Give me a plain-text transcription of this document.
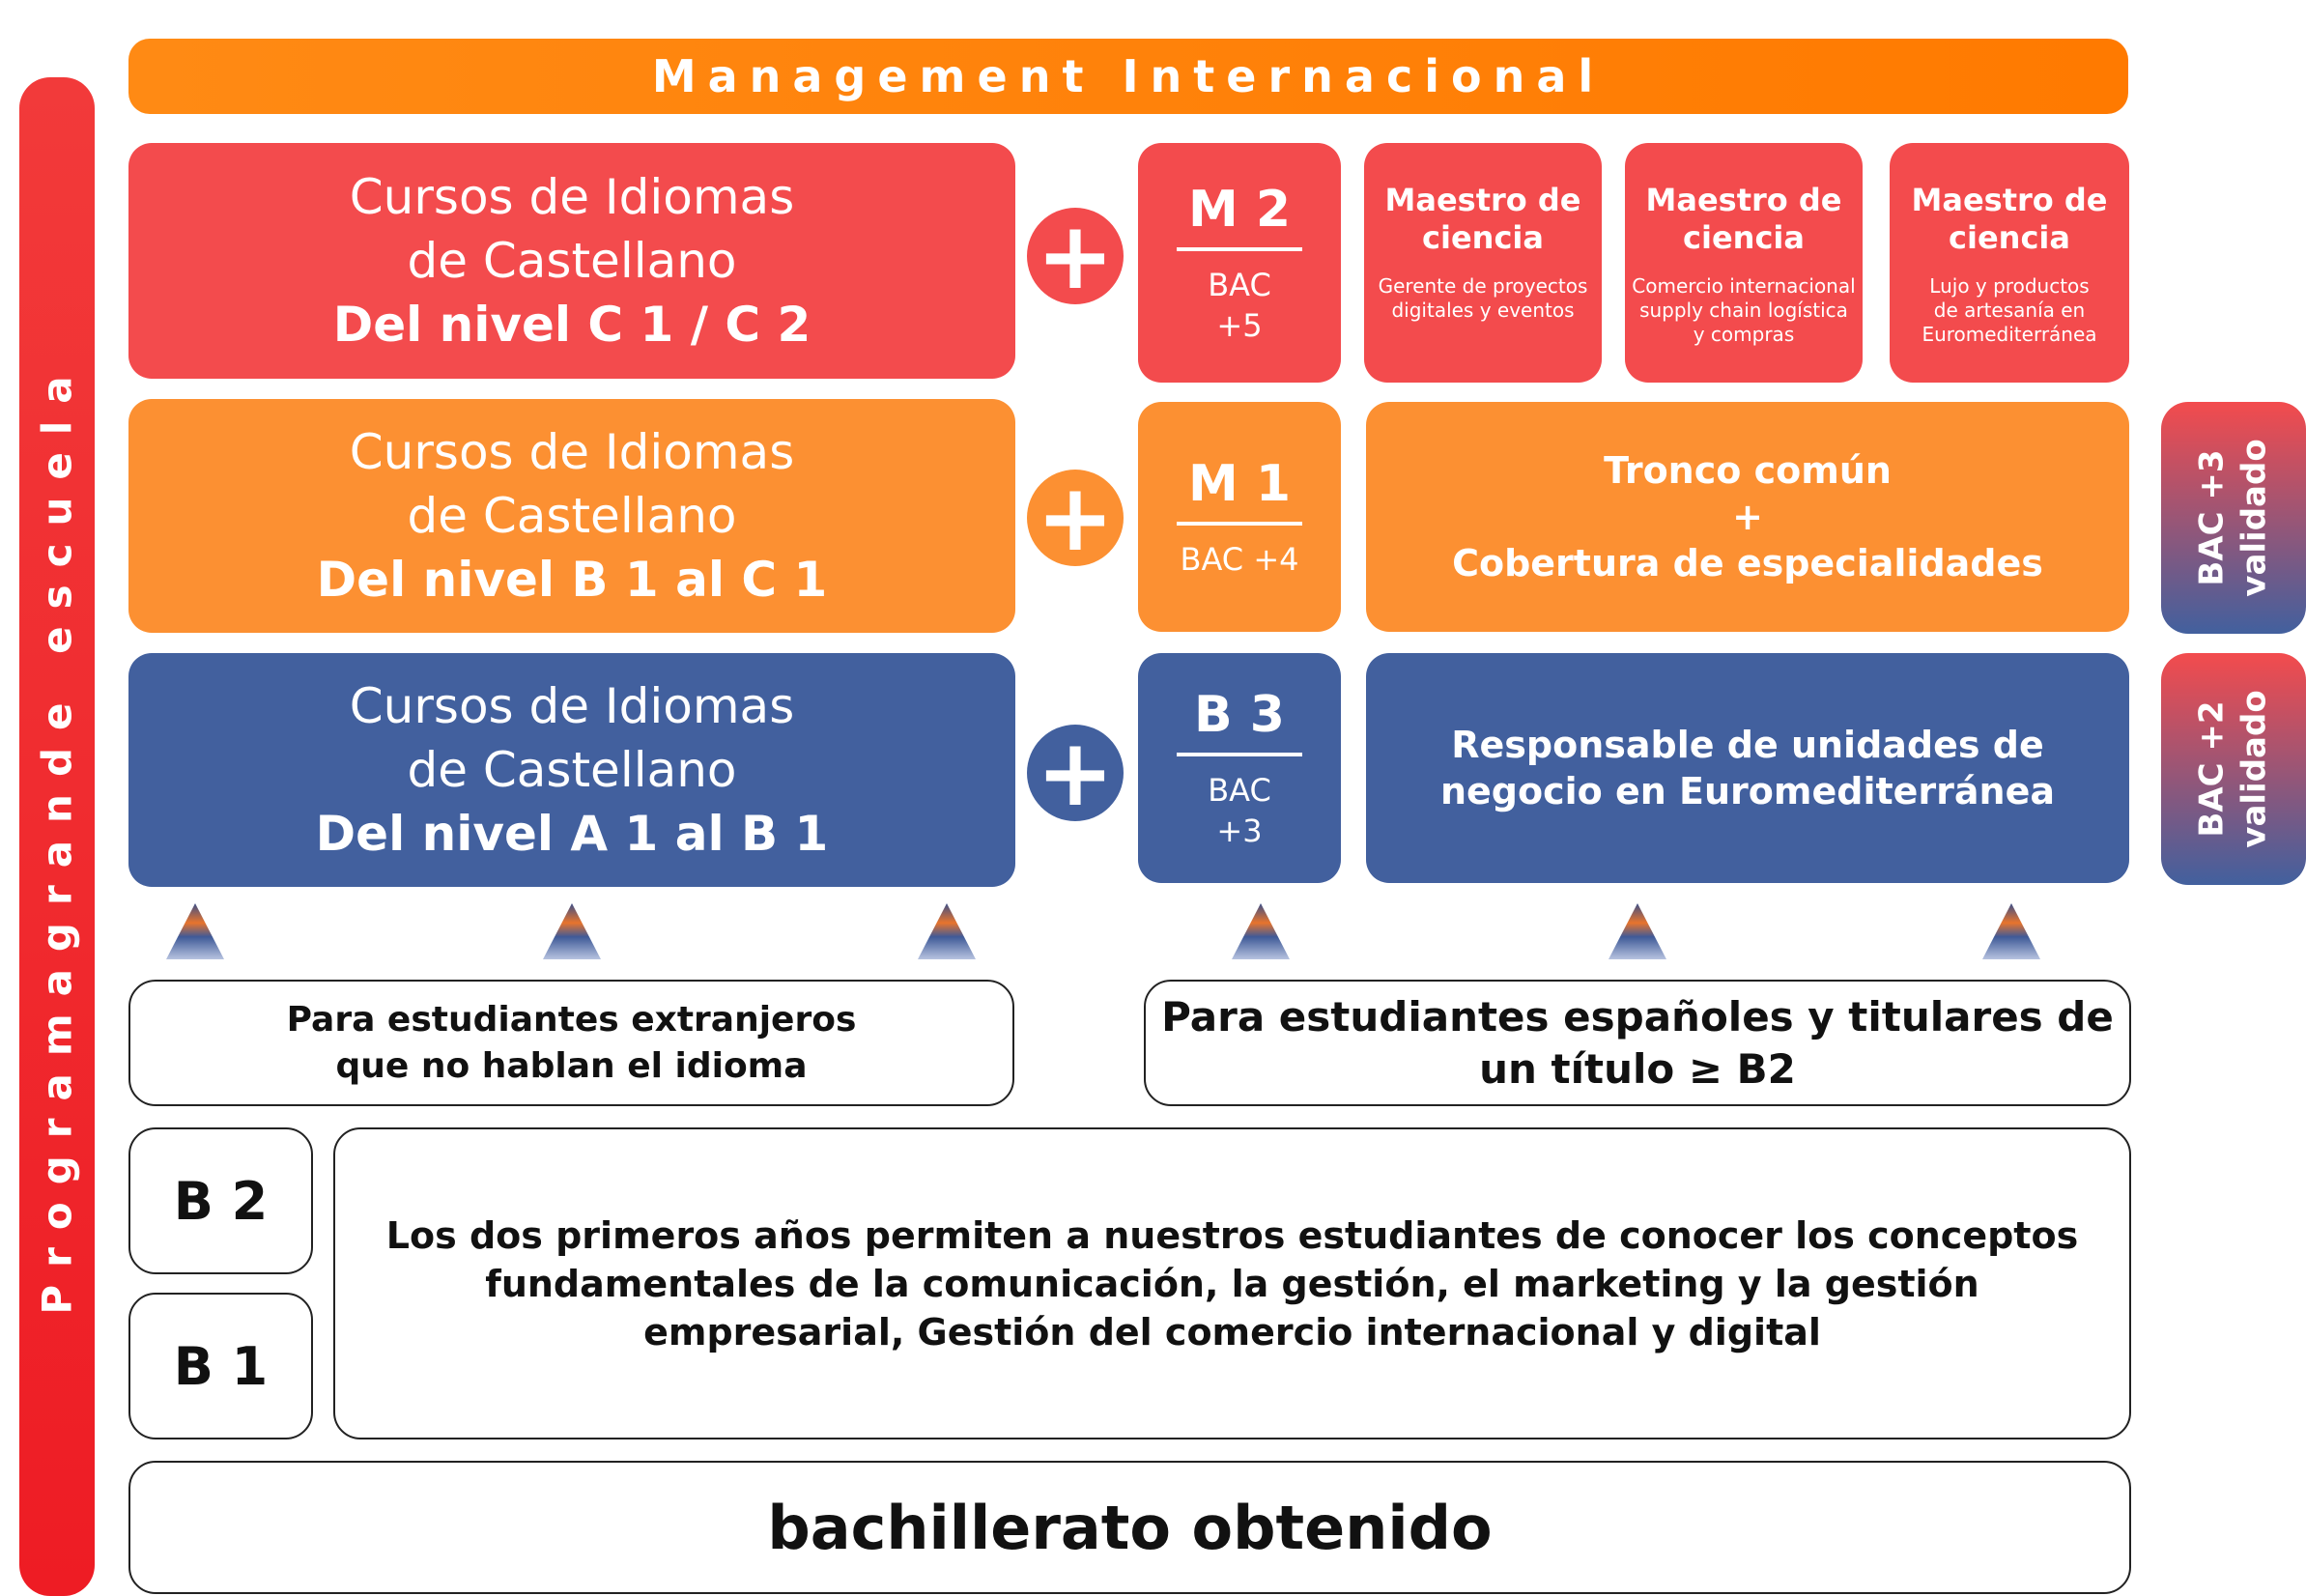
Programagrande escuela
Management Internacional
Cursos de Idiomas
de Castellano
Del nivel C 1 / C 2
+ M 2
BAC
+5
Maestro de
ciencia
Gerente de proyectos
digitales y eventos
Maestro de
ciencia
Comercio internacional
supply chain logística
y compras
Maestro de
ciencia
Lujo y productos
de artesanía en
Euromediterránea
Cursos de Idiomas
de Castellano
Del nivel B 1 al C 1
+ M 1
BAC +4
Tronco común
+
Cobertura de especialidades	BAC +3 validado
Cursos de Idiomas
de Castellano
Del nivel A 1 al B 1
+
B 3
BAC
+3
Responsable de unidades de
negocio en Euromediterránea	BAC +2 validado
Para estudiantes extranjeros
que no hablan el idioma
Para estudiantes españoles y titulares de
un título ≥ B2
B 2
B 1
Los dos primeros años permiten a nuestros estudiantes de conocer los conceptos
fundamentales de la comunicación, la gestión, el marketing y la gestión
empresarial, Gestión del comercio internacional y digital
bachillerato obtenido
